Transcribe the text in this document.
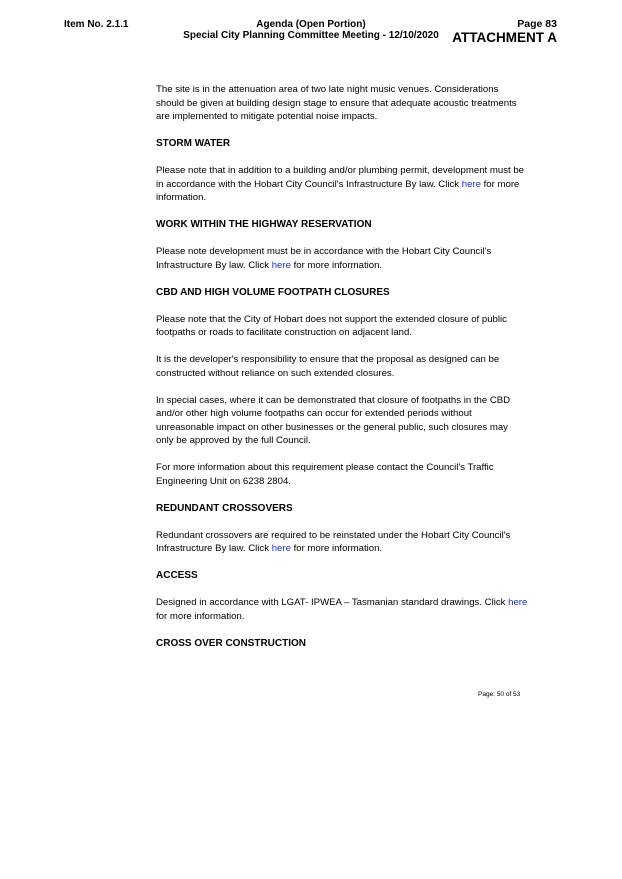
Item No. 2.1.1	Agenda (Open Portion)
Special City Planning Committee Meeting - 12/10/2020
Page 83
ATTACHMENT A

The site is in the attenuation area of two late night music venues. Considerations should be given at building design stage to ensure that adequate acoustic treatments are implemented to mitigate potential noise impacts.

STORM WATER

Please note that in addition to a building and/or plumbing permit, development must be in accordance with the Hobart City Council's Infrastructure By law. Click here for more information.

WORK WITHIN THE HIGHWAY RESERVATION

Please note development must be in accordance with the Hobart City Council's Infrastructure By law. Click here for more information.

CBD AND HIGH VOLUME FOOTPATH CLOSURES

Please note that the City of Hobart does not support the extended closure of public footpaths or roads to facilitate construction on adjacent land.

It is the developer's responsibility to ensure that the proposal as designed can be constructed without reliance on such extended closures.

In special cases, where it can be demonstrated that closure of footpaths in the CBD and/or other high volume footpaths can occur for extended periods without unreasonable impact on other businesses or the general public, such closures may only be approved by the full Council.

For more information about this requirement please contact the Council's Traffic Engineering Unit on 6238 2804.

REDUNDANT CROSSOVERS

Redundant crossovers are required to be reinstated under the Hobart City Council's Infrastructure By law. Click here for more information.

ACCESS

Designed in accordance with LGAT- IPWEA – Tasmanian standard drawings. Click here for more information.

CROSS OVER CONSTRUCTION
Page: 50 of 53
